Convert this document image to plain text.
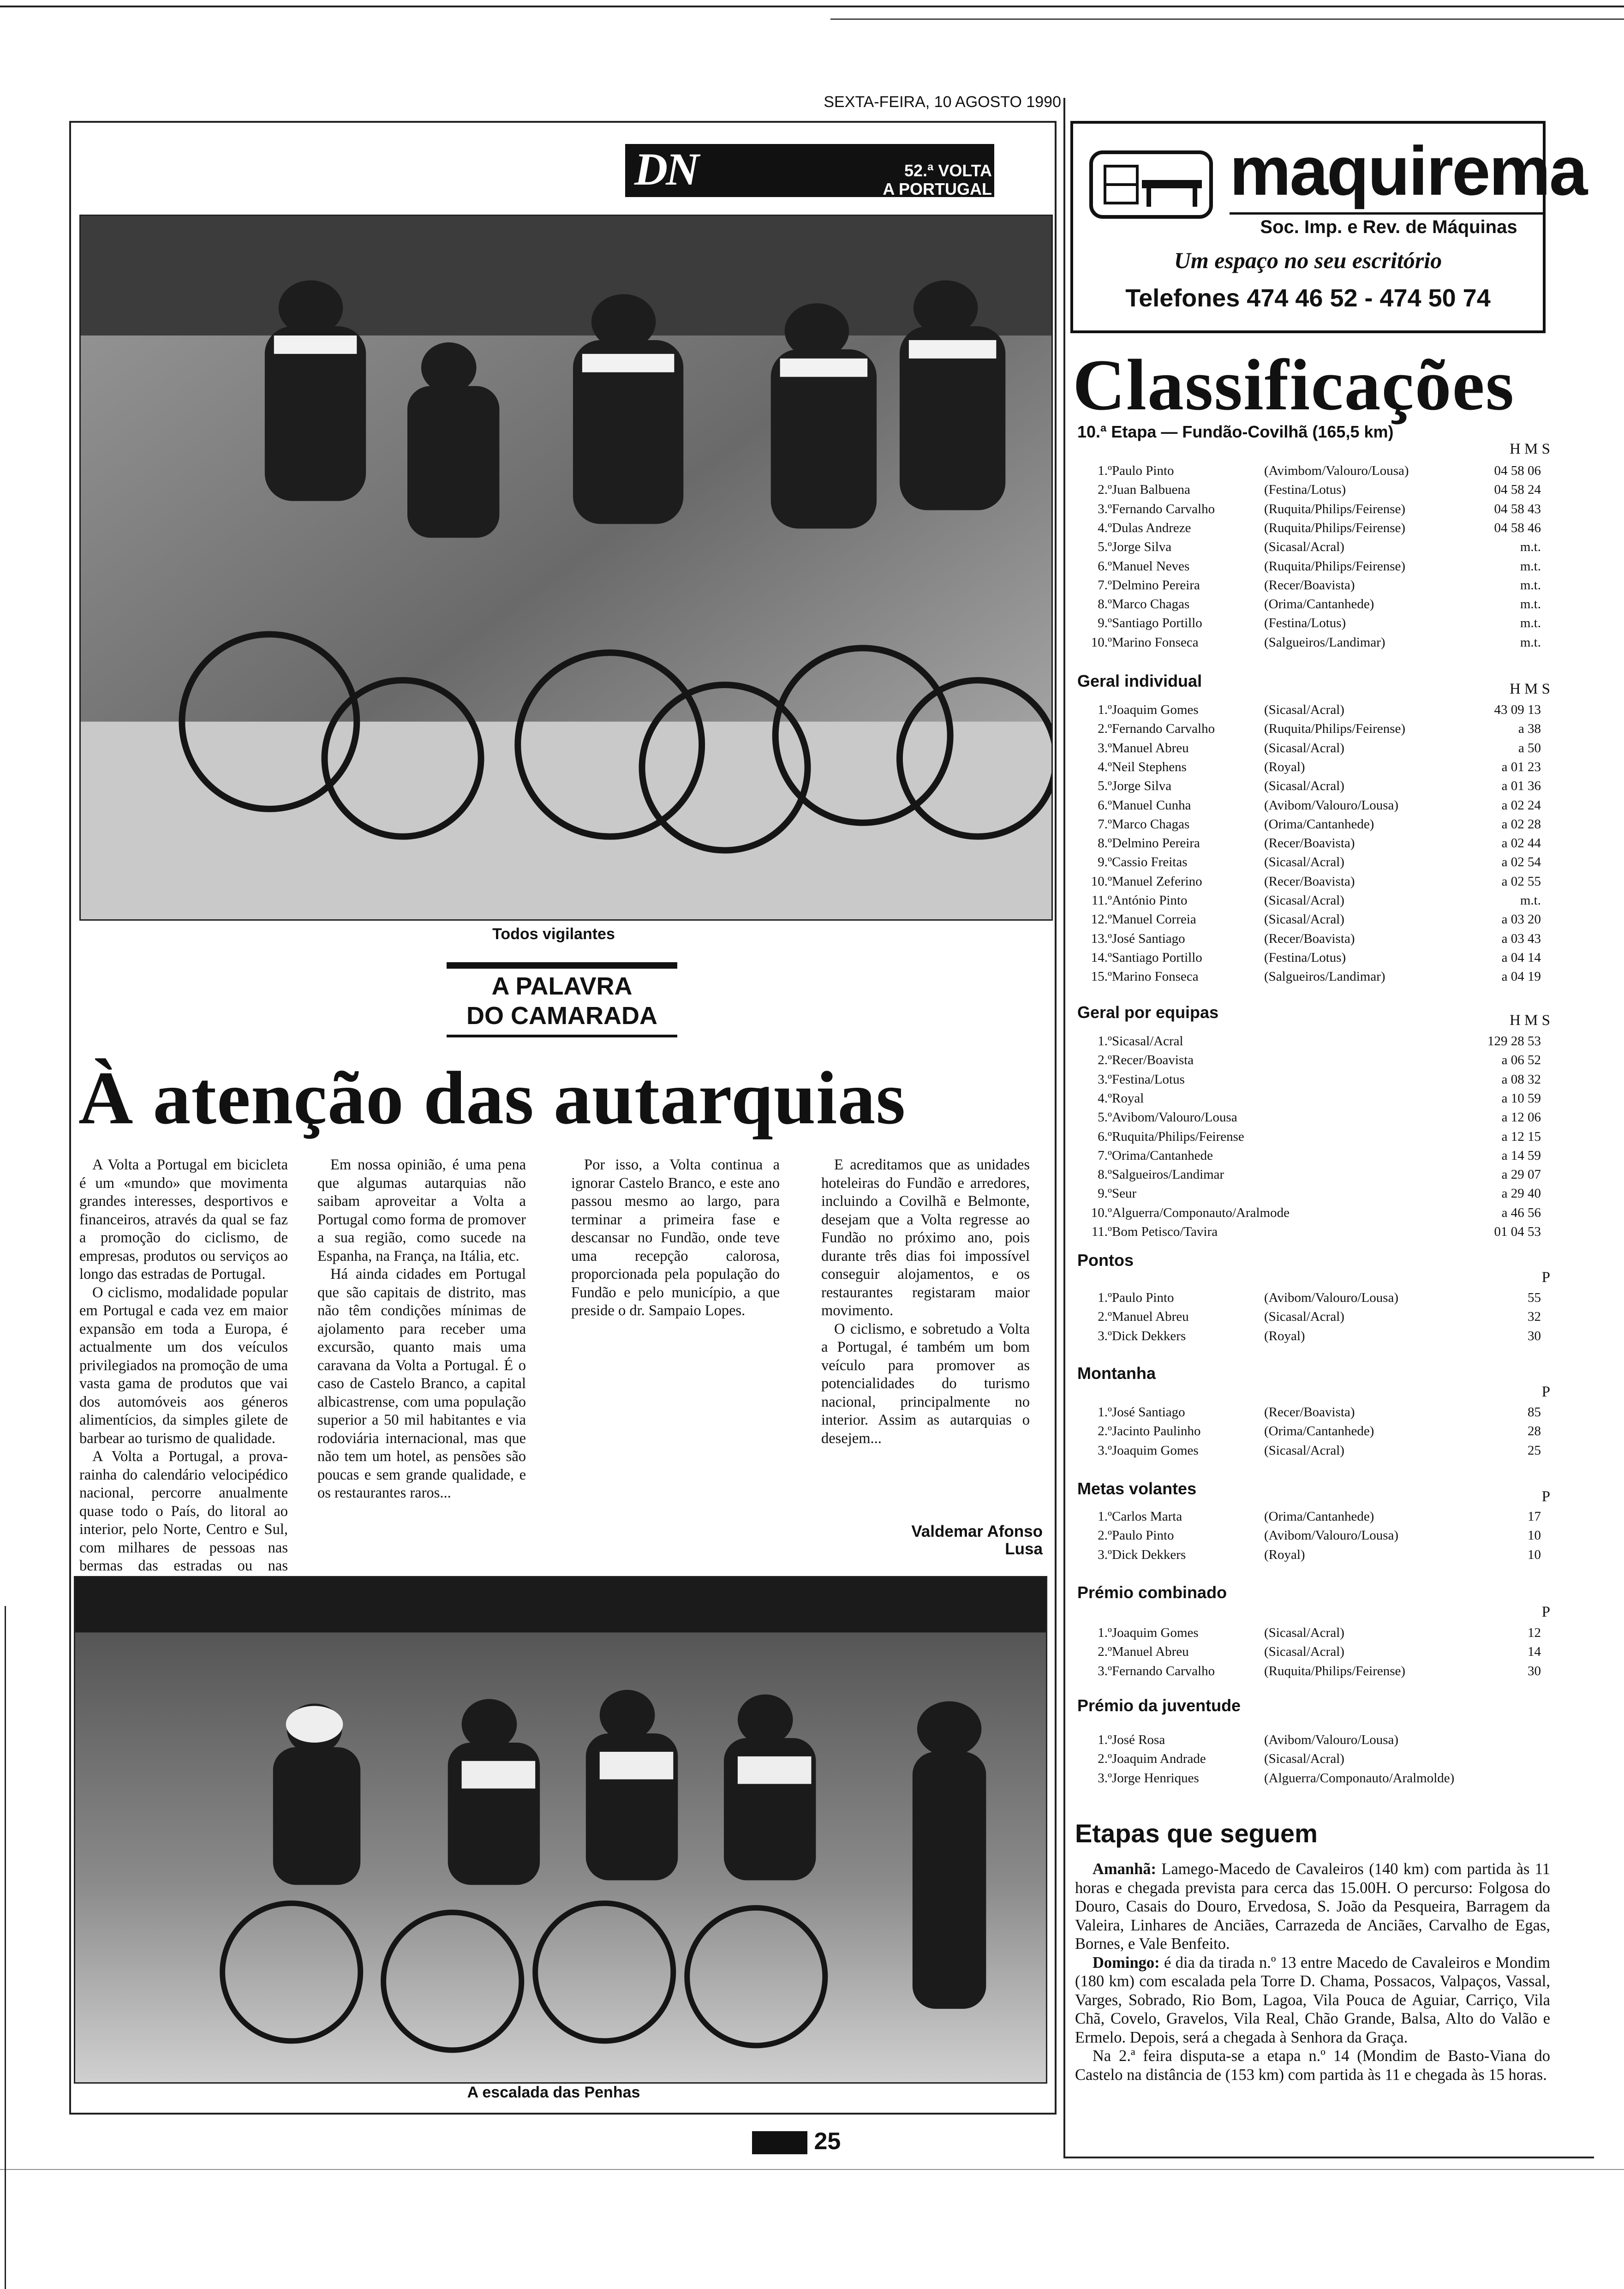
SEXTA-FEIRA, 10 AGOSTO 1990
DN	52.ª VOLTA
A PORTUGAL
Todos vigilantes
A PALAVRA
DO CAMARADA
À atenção das autarquias

A Volta a Portugal em bicicleta é um «mundo» que movimenta grandes interesses, desportivos e financeiros, através da qual se faz a promoção do ciclismo, de empresas, produtos ou serviços ao longo das estradas de Portugal.

O ciclismo, modalidade popular em Portugal e cada vez em maior expansão em toda a Europa, é actualmente um dos veículos privilegiados na promoção de uma vasta gama de produtos que vai dos automóveis aos géneros alimentícios, da simples gilete de barbear ao turismo de qualidade.

A Volta a Portugal, a prova-rainha do calendário velocipédico nacional, percorre anualmente quase todo o País, do litoral ao interior, pelo Norte, Centro e Sul, com milhares de pessoas nas bermas das estradas ou nas

Em nossa opinião, é uma pena que algumas autarquias não saibam aproveitar a Volta a Portugal como forma de promover a sua região, como sucede na Espanha, na França, na Itália, etc.

Há ainda cidades em Portugal que são capitais de distrito, mas não têm condições mínimas de ajolamento para receber uma excursão, quanto mais uma caravana da Volta a Portugal. É o caso de Castelo Branco, a capital albicastrense, com uma população superior a 50 mil habitantes e via rodoviária internacional, mas que não tem um hotel, as pensões são poucas e sem grande qualidade, e os restaurantes raros...

Por isso, a Volta continua a ignorar Castelo Branco, e este ano passou mesmo ao largo, para terminar a primeira fase e descansar no Fundão, onde teve uma recepção calorosa, proporcionada pela população do Fundão e pelo município, a que preside o dr. Sampaio Lopes.

E acreditamos que as unidades hoteleiras do Fundão e arredores, incluindo a Covilhã e Belmonte, desejam que a Volta regresse ao Fundão no próximo ano, pois durante três dias foi impossível conseguir alojamentos, e os restaurantes registaram maior movimento.

O ciclismo, e sobretudo a Volta a Portugal, é também um bom veículo para promover as potencialidades do turismo nacional, principalmente no interior. Assim as autarquias o desejem...

Valdemar Afonso
Lusa
A escalada das Penhas
25
maquirema
Soc. Imp. e Rev. de Máquinas
Um espaço no seu escritório
Telefones 474 46 52 - 474 50 74
Classificações
10.ª Etapa — Fundão-Covilhã (165,5 km)
H M S
1.º Paulo Pinto	(Avimbom/Valouro/Lousa)	04 58 06
2.º Juan Balbuena	(Festina/Lotus)	04 58 24
3.º Fernando Carvalho	(Ruquita/Philips/Feirense)	04 58 43
4.º Dulas Andreze	(Ruquita/Philips/Feirense)	04 58 46
5.º Jorge Silva	(Sicasal/Acral)	m.t.
6.º Manuel Neves	(Ruquita/Philips/Feirense)	m.t.
7.º Delmino Pereira	(Recer/Boavista)	m.t.
8.º Marco Chagas	(Orima/Cantanhede)	m.t.
9.º Santiago Portillo	(Festina/Lotus)	m.t.
10.º Marino Fonseca	(Salgueiros/Landimar)	m.t.
Geral individual	H M S
1.º Joaquim Gomes	(Sicasal/Acral)	43 09 13
2.º Fernando Carvalho	(Ruquita/Philips/Feirense)	a 38
3.º Manuel Abreu	(Sicasal/Acral)	a 50
4.º Neil Stephens	(Royal)	a 01 23
5.º Jorge Silva	(Sicasal/Acral)	a 01 36
6.º Manuel Cunha	(Avibom/Valouro/Lousa)	a 02 24
7.º Marco Chagas	(Orima/Cantanhede)	a 02 28
8.º Delmino Pereira	(Recer/Boavista)	a 02 44
9.º Cassio Freitas	(Sicasal/Acral)	a 02 54
10.º Manuel Zeferino	(Recer/Boavista)	a 02 55
11.º António Pinto	(Sicasal/Acral)	m.t.
12.º Manuel Correia	(Sicasal/Acral)	a 03 20
13.º José Santiago	(Recer/Boavista)	a 03 43
14.º Santiago Portillo	(Festina/Lotus)	a 04 14
15.º Marino Fonseca	(Salgueiros/Landimar)	a 04 19
Geral por equipas	H M S
1.º Sicasal/Acral	129 28 53
2.º Recer/Boavista	a 06 52
3.º Festina/Lotus	a 08 32
4.º Royal	a 10 59
5.º Avibom/Valouro/Lousa	a 12 06
6.º Ruquita/Philips/Feirense	a 12 15
7.º Orima/Cantanhede	a 14 59
8.º Salgueiros/Landimar	a 29 07
9.º Seur	a 29 40
10.º Alguerra/Componauto/Aralmode	a 46 56
11.º Bom Petisco/Tavira	01 04 53
Pontos
P
1.º Paulo Pinto	(Avibom/Valouro/Lousa)	55
2.º Manuel Abreu	(Sicasal/Acral)	32
3.º Dick Dekkers	(Royal)	30
Montanha
P
1.º José Santiago	(Recer/Boavista)	85
2.º Jacinto Paulinho	(Orima/Cantanhede)	28
3.º Joaquim Gomes	(Sicasal/Acral)	25
Metas volantes	P
1.º Carlos Marta	(Orima/Cantanhede)	17
2.º Paulo Pinto	(Avibom/Valouro/Lousa)	10
3.º Dick Dekkers	(Royal)	10
Prémio combinado
P
1.º Joaquim Gomes	(Sicasal/Acral)	12
2.º Manuel Abreu	(Sicasal/Acral)	14
3.º Fernando Carvalho	(Ruquita/Philips/Feirense)	30
Prémio da juventude
1.º José Rosa	(Avibom/Valouro/Lousa)
2.º Joaquim Andrade	(Sicasal/Acral)
3.º Jorge Henriques	(Alguerra/Componauto/Aralmolde)
Etapas que seguem

Amanhã: Lamego-Macedo de Cavaleiros (140 km) com partida às 11 horas e chegada prevista para cerca das 15.00H. O percurso: Folgosa do Douro, Casais do Douro, Ervedosa, S. João da Pesqueira, Barragem da Valeira, Linhares de Anciães, Carrazeda de Anciães, Carvalho de Egas, Bornes, e Vale Benfeito.

Domingo: é dia da tirada n.º 13 entre Macedo de Cavaleiros e Mondim (180 km) com escalada pela Torre D. Chama, Possacos, Valpaços, Vassal, Varges, Sobrado, Rio Bom, Lagoa, Vila Pouca de Aguiar, Carriço, Vila Chã, Covelo, Gravelos, Vila Real, Chão Grande, Balsa, Alto do Valão e Ermelo. Depois, será a chegada à Senhora da Graça.

Na 2.ª feira disputa-se a etapa n.º 14 (Mondim de Basto-Viana do Castelo na distância de (153 km) com partida às 11 e chegada às 15 horas.
